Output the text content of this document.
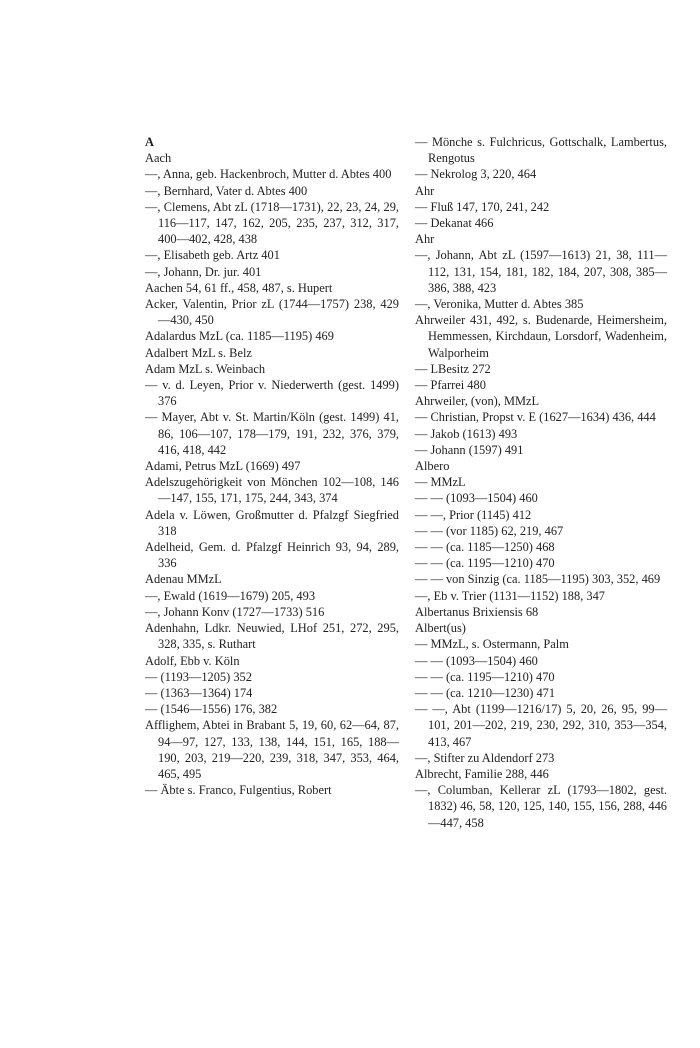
A

Aach

—, Anna, geb. Hackenbroch, Mutter d. Abtes 400

—, Bernhard, Vater d. Abtes 400

—, Clemens, Abt zL (1718—1731), 22, 23, 24, 29, 116—117, 147, 162, 205, 235, 237, 312, 317, 400—402, 428, 438

—, Elisabeth geb. Artz 401

—, Johann, Dr. jur. 401

Aachen 54, 61 ff., 458, 487, s. Hupert

Acker, Valentin, Prior zL (1744—1757) 238, 429—430, 450

Adalardus MzL (ca. 1185—1195) 469

Adalbert MzL s. Belz

Adam MzL s. Weinbach

— v. d. Leyen, Prior v. Niederwerth (gest. 1499) 376

— Mayer, Abt v. St. Martin/Köln (gest. 1499) 41, 86, 106—107, 178—179, 191, 232, 376, 379, 416, 418, 442

Adami, Petrus MzL (1669) 497

Adelszugehörigkeit von Mönchen 102—108, 146—147, 155, 171, 175, 244, 343, 374

Adela v. Löwen, Großmutter d. Pfalzgf Siegfried 318

Adelheid, Gem. d. Pfalzgf Heinrich 93, 94, 289, 336

Adenau MMzL

—, Ewald (1619—1679) 205, 493

—, Johann Konv (1727—1733) 516

Adenhahn, Ldkr. Neuwied, LHof 251, 272, 295, 328, 335, s. Ruthart

Adolf, Ebb v. Köln

— (1193—1205) 352

— (1363—1364) 174

— (1546—1556) 176, 382

Afflighem, Abtei in Brabant 5, 19, 60, 62—64, 87, 94—97, 127, 133, 138, 144, 151, 165, 188—190, 203, 219—220, 239, 318, 347, 353, 464, 465, 495

— Äbte s. Franco, Fulgentius, Robert

— Mönche s. Fulchricus, Gottschalk, Lambertus, Rengotus

— Nekrolog 3, 220, 464

Ahr

— Fluß 147, 170, 241, 242

— Dekanat 466

Ahr

—, Johann, Abt zL (1597—1613) 21, 38, 111—112, 131, 154, 181, 182, 184, 207, 308, 385—386, 388, 423

—, Veronika, Mutter d. Abtes 385

Ahrweiler 431, 492, s. Budenarde, Heimersheim, Hemmessen, Kirchdaun, Lorsdorf, Wadenheim, Walporheim

— LBesitz 272

— Pfarrei 480

Ahrweiler, (von), MMzL

— Christian, Propst v. E (1627—1634) 436, 444

— Jakob (1613) 493

— Johann (1597) 491

Albero

— MMzL

— — (1093—1504) 460

— —, Prior (1145) 412

— — (vor 1185) 62, 219, 467

— — (ca. 1185—1250) 468

— — (ca. 1195—1210) 470

— — von Sinzig (ca. 1185—1195) 303, 352, 469

—, Eb v. Trier (1131—1152) 188, 347

Albertanus Brixiensis 68

Albert(us)

— MMzL, s. Ostermann, Palm

— — (1093—1504) 460

— — (ca. 1195—1210) 470

— — (ca. 1210—1230) 471

— —, Abt (1199—1216/17) 5, 20, 26, 95, 99—101, 201—202, 219, 230, 292, 310, 353—354, 413, 467

—, Stifter zu Aldendorf 273

Albrecht, Familie 288, 446

—, Columban, Kellerar zL (1793—1802, gest. 1832) 46, 58, 120, 125, 140, 155, 156, 288, 446—447, 458
